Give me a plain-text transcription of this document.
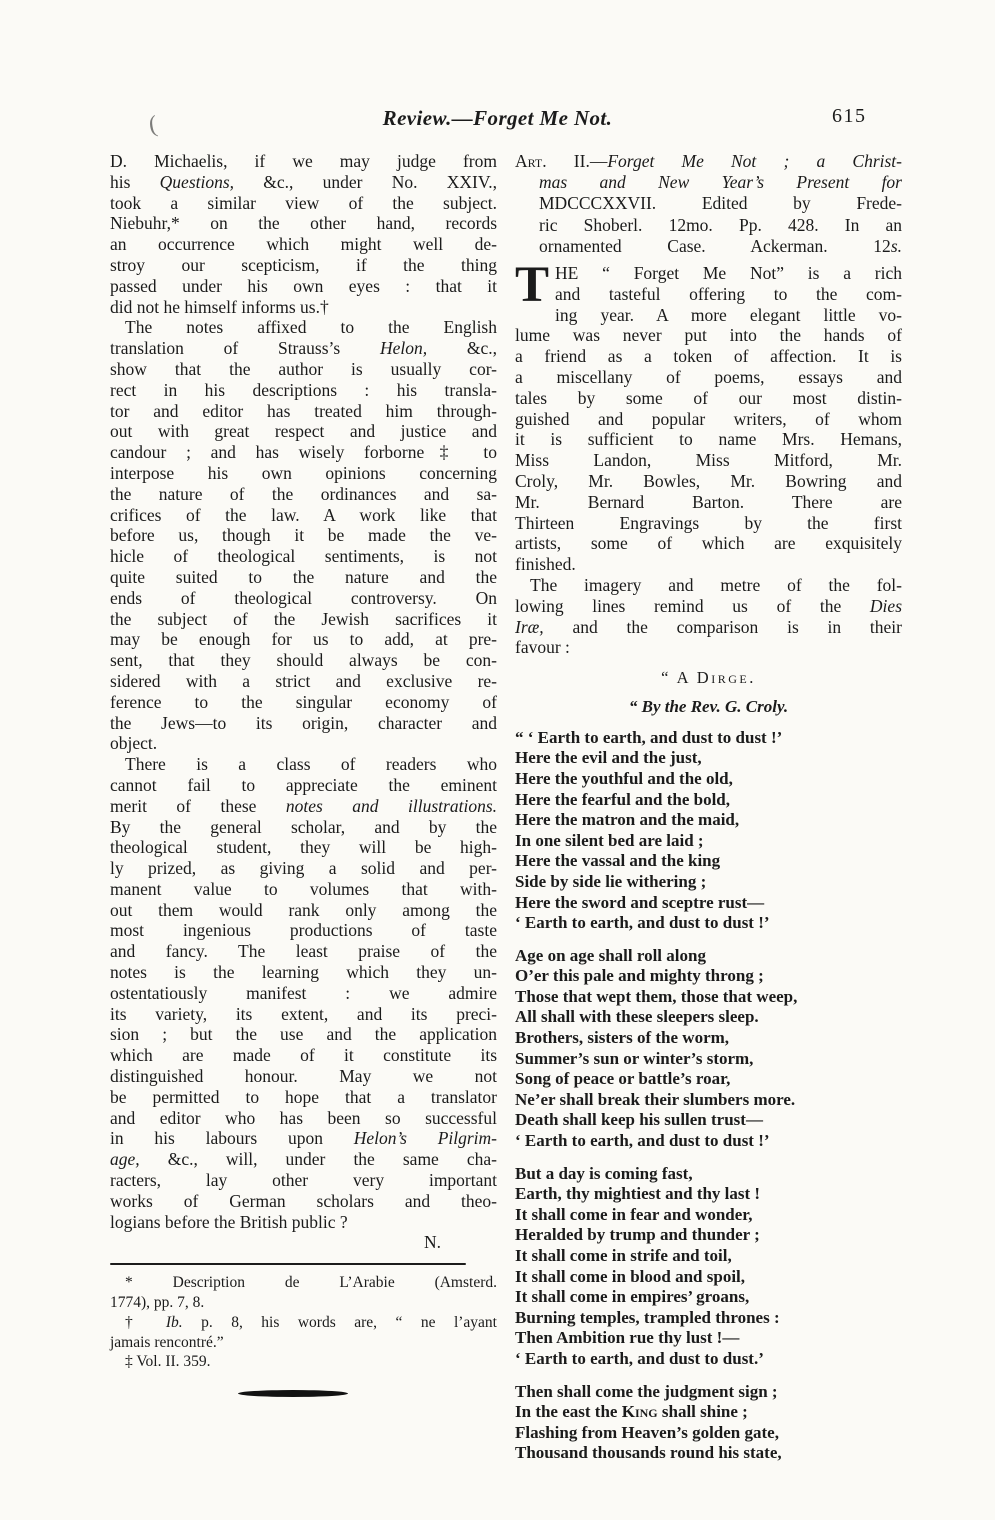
(	Review.—Forget Me Not.	615
D. Michaelis, if we may judge from
his Questions, &c., under No. XXIV.,
took a similar view of the subject.
Niebuhr,* on the other hand, records
an occurrence which might well de-
stroy our scepticism, if the thing
passed under his own eyes : that it
did not he himself informs us.†
The notes affixed to the English
translation of Strauss’s Helon, &c.,
show that the author is usually cor-
rect in his descriptions : his transla-
tor and editor has treated him through-
out with great respect and justice and
candour ; and has wisely forborne‡ to
interpose his own opinions concerning
the nature of the ordinances and sa-
crifices of the law. A work like that
before us, though it be made the ve-
hicle of theological sentiments, is not
quite suited to the nature and the
ends of theological controversy. On
the subject of the Jewish sacrifices it
may be enough for us to add, at pre-
sent, that they should always be con-
sidered with a strict and exclusive re-
ference to the singular economy of
the Jews—to its origin, character and
object.
There is a class of readers who
cannot fail to appreciate the eminent
merit of these notes and illustrations.
By the general scholar, and by the
theological student, they will be high-
ly prized, as giving a solid and per-
manent value to volumes that with-
out them would rank only among the
most ingenious productions of taste
and fancy. The least praise of the
notes is the learning which they un-
ostentatiously manifest : we admire
its variety, its extent, and its preci-
sion ; but the use and the application
which are made of it constitute its
distinguished honour. May we not
be permitted to hope that a translator
and editor who has been so successful
in his labours upon Helon’s Pilgrim-
age, &c., will, under the same cha-
racters, lay other very important
works of German scholars and theo-
logians before the British public ?
N.
* Description de L’Arabie (Amsterd.
1774), pp. 7, 8.
† Ib. p. 8, his words are, “ ne l’ayant
jamais rencontré.”
‡ Vol. II. 359.
Art. II.—Forget Me Not ; a Christ-
mas and New Year’s Present for
MDCCCXXVII. Edited by Frede-
ric Shoberl. 12mo. Pp. 428. In an
ornamented Case. Ackerman. 12s.
T HE “ Forget Me Not” is a rich
and tasteful offering to the com-
ing year. A more elegant little vo-
lume was never put into the hands of
a friend as a token of affection. It is
a miscellany of poems, essays and
tales by some of our most distin-
guished and popular writers, of whom
it is sufficient to name Mrs. Hemans,
Miss Landon, Miss Mitford, Mr.
Croly, Mr. Bowles, Mr. Bowring and
Mr. Bernard Barton. There are
Thirteen Engravings by the first
artists, some of which are exquisitely
finished.
The imagery and metre of the fol-
lowing lines remind us of the Dies
Iræ, and the comparison is in their
favour :
“ A Dirge.
“ By the Rev. G. Croly.
“ ‘ Earth to earth, and dust to dust !’
Here the evil and the just,
Here the youthful and the old,
Here the fearful and the bold,
Here the matron and the maid,
In one silent bed are laid ;
Here the vassal and the king
Side by side lie withering ;
Here the sword and sceptre rust—
‘ Earth to earth, and dust to dust !’
Age on age shall roll along
O’er this pale and mighty throng ;
Those that wept them, those that weep,
All shall with these sleepers sleep.
Brothers, sisters of the worm,
Summer’s sun or winter’s storm,
Song of peace or battle’s roar,
Ne’er shall break their slumbers more.
Death shall keep his sullen trust—
‘ Earth to earth, and dust to dust !’
But a day is coming fast,
Earth, thy mightiest and thy last !
It shall come in fear and wonder,
Heralded by trump and thunder ;
It shall come in strife and toil,
It shall come in blood and spoil,
It shall come in empires’ groans,
Burning temples, trampled thrones :
Then Ambition rue thy lust !—
‘ Earth to earth, and dust to dust.’
Then shall come the judgment sign ;
In the east the King shall shine ;
Flashing from Heaven’s golden gate,
Thousand thousands round his state,
